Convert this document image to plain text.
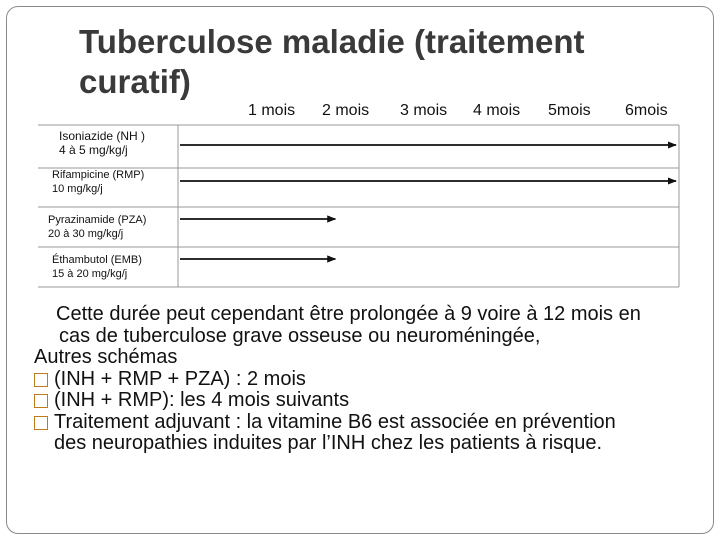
Tuberculose maladie (traitement curatif)
1 mois 2 mois 3 mois 4 mois 5mois 6mois
Isoniazide (NH )
4 à 5 mg/kg/j
Rifampicine (RMP)
10 mg/kg/j
Pyrazinamide (PZA)
20 à 30 mg/kg/j
Éthambutol (EMB)
15 à 20 mg/kg/j
Cette durée peut cependant être prolongée à 9 voire à 12 mois en cas de tuberculose grave osseuse ou neuroméningée,
Autres schémas
(INH + RMP + PZA) : 2 mois
(INH + RMP): les 4 mois suivants
Traitement adjuvant : la vitamine B6 est associée en prévention des neuropathies induites par l’INH chez les patients à risque.
